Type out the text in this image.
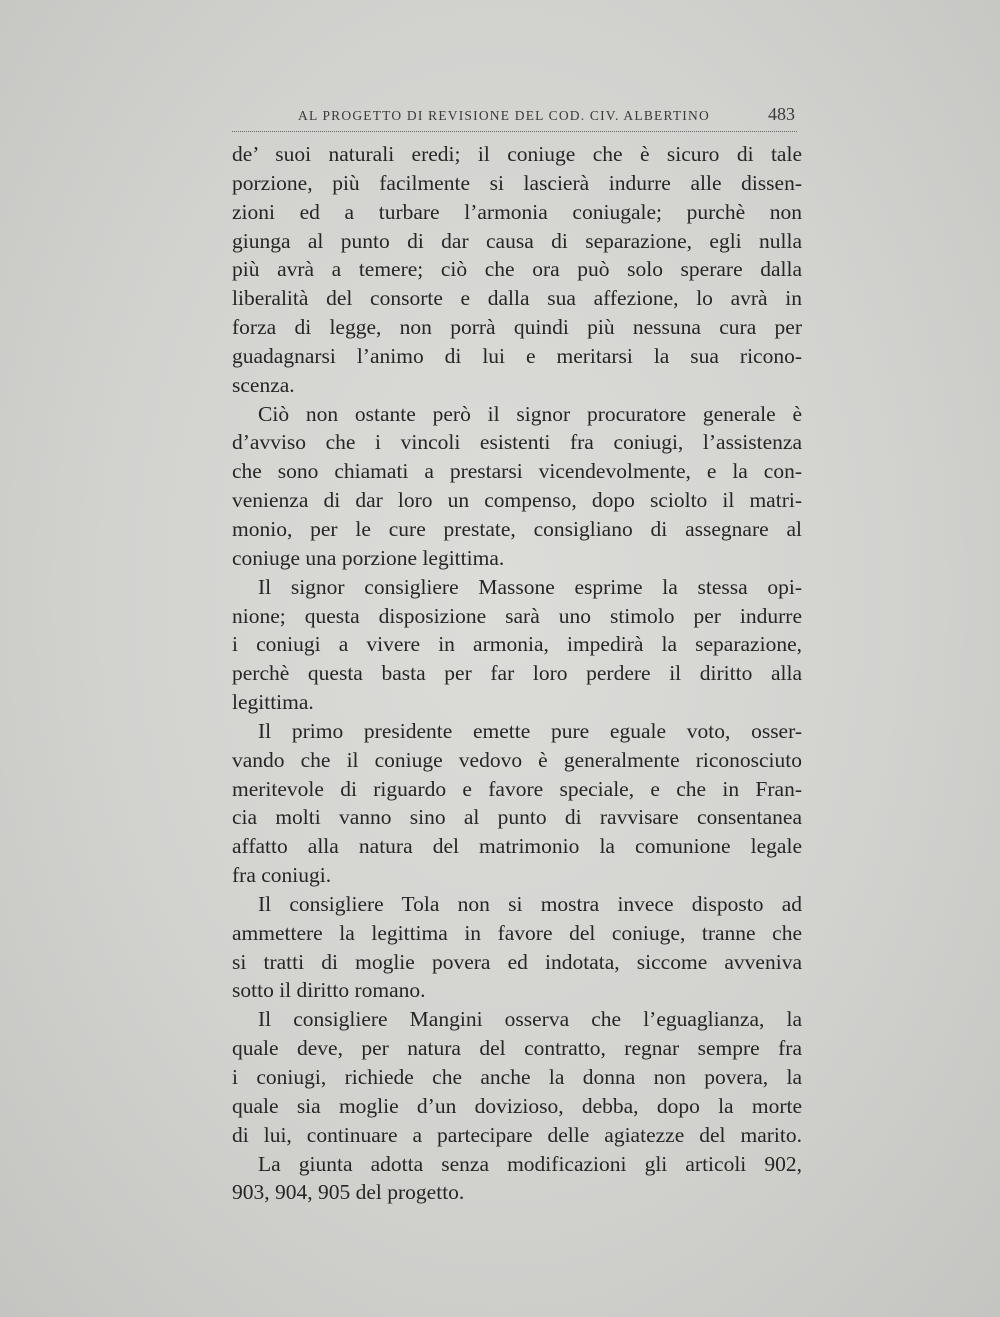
AL PROGETTO DI REVISIONE DEL COD. CIV. ALBERTINO	483
de’ suoi naturali eredi; il coniuge che è sicuro di tale
porzione, più facilmente si lascierà indurre alle dissen-
zioni ed a turbare l’armonia coniugale; purchè non
giunga al punto di dar causa di separazione, egli nulla
più avrà a temere; ciò che ora può solo sperare dalla
liberalità del consorte e dalla sua affezione, lo avrà in
forza di legge, non porrà quindi più nessuna cura per
guadagnarsi l’animo di lui e meritarsi la sua ricono-
scenza.
Ciò non ostante però il signor procuratore generale è
d’avviso che i vincoli esistenti fra coniugi, l’assistenza
che sono chiamati a prestarsi vicendevolmente, e la con-
venienza di dar loro un compenso, dopo sciolto il matri-
monio, per le cure prestate, consigliano di assegnare al
coniuge una porzione legittima.
Il signor consigliere Massone esprime la stessa opi-
nione; questa disposizione sarà uno stimolo per indurre
i coniugi a vivere in armonia, impedirà la separazione,
perchè questa basta per far loro perdere il diritto alla
legittima.
Il primo presidente emette pure eguale voto, osser-
vando che il coniuge vedovo è generalmente riconosciuto
meritevole di riguardo e favore speciale, e che in Fran-
cia molti vanno sino al punto di ravvisare consentanea
affatto alla natura del matrimonio la comunione legale
fra coniugi.
Il consigliere Tola non si mostra invece disposto ad
ammettere la legittima in favore del coniuge, tranne che
si tratti di moglie povera ed indotata, siccome avveniva
sotto il diritto romano.
Il consigliere Mangini osserva che l’eguaglianza, la
quale deve, per natura del contratto, regnar sempre fra
i coniugi, richiede che anche la donna non povera, la
quale sia moglie d’un dovizioso, debba, dopo la morte
di lui, continuare a partecipare delle agiatezze del marito.
La giunta adotta senza modificazioni gli articoli 902,
903, 904, 905 del progetto.
